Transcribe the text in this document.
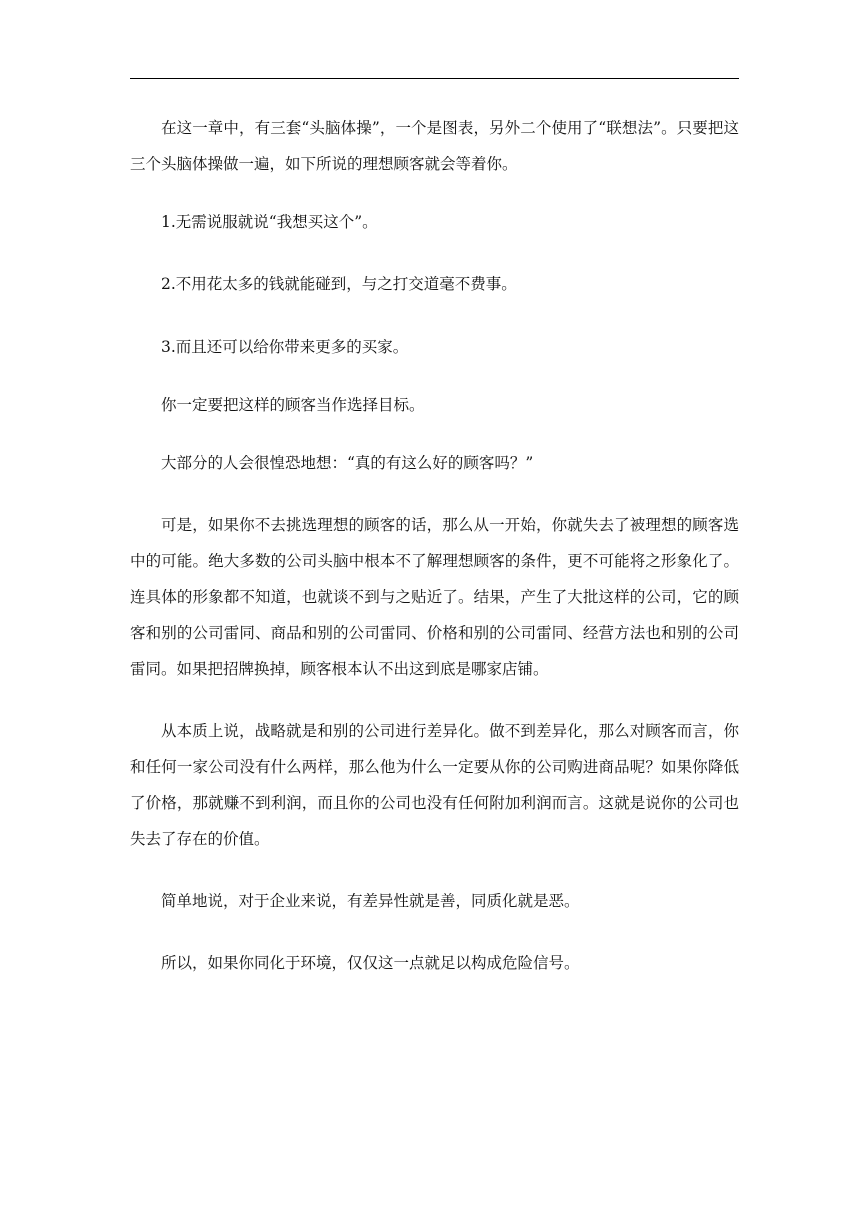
在这一章中，有三套“头脑体操”，一个是图表，另外二个使用了“联想法”。只要把这三个头脑体操做一遍，如下所说的理想顾客就会等着你。

1.无需说服就说“我想买这个”。

2.不用花太多的钱就能碰到，与之打交道毫不费事。

3.而且还可以给你带来更多的买家。

你一定要把这样的顾客当作选择目标。

大部分的人会很惶恐地想：“真的有这么好的顾客吗？”

可是，如果你不去挑选理想的顾客的话，那么从一开始，你就失去了被理想的顾客选中的可能。绝大多数的公司头脑中根本不了解理想顾客的条件，更不可能将之形象化了。连具体的形象都不知道，也就谈不到与之贴近了。结果，产生了大批这样的公司，它的顾客和别的公司雷同、商品和别的公司雷同、价格和别的公司雷同、经营方法也和别的公司雷同。如果把招牌换掉，顾客根本认不出这到底是哪家店铺。

从本质上说，战略就是和别的公司进行差异化。做不到差异化，那么对顾客而言，你和任何一家公司没有什么两样，那么他为什么一定要从你的公司购进商品呢？如果你降低了价格，那就赚不到利润，而且你的公司也没有任何附加利润而言。这就是说你的公司也失去了存在的价值。

简单地说，对于企业来说，有差异性就是善，同质化就是恶。

所以，如果你同化于环境，仅仅这一点就足以构成危险信号。
